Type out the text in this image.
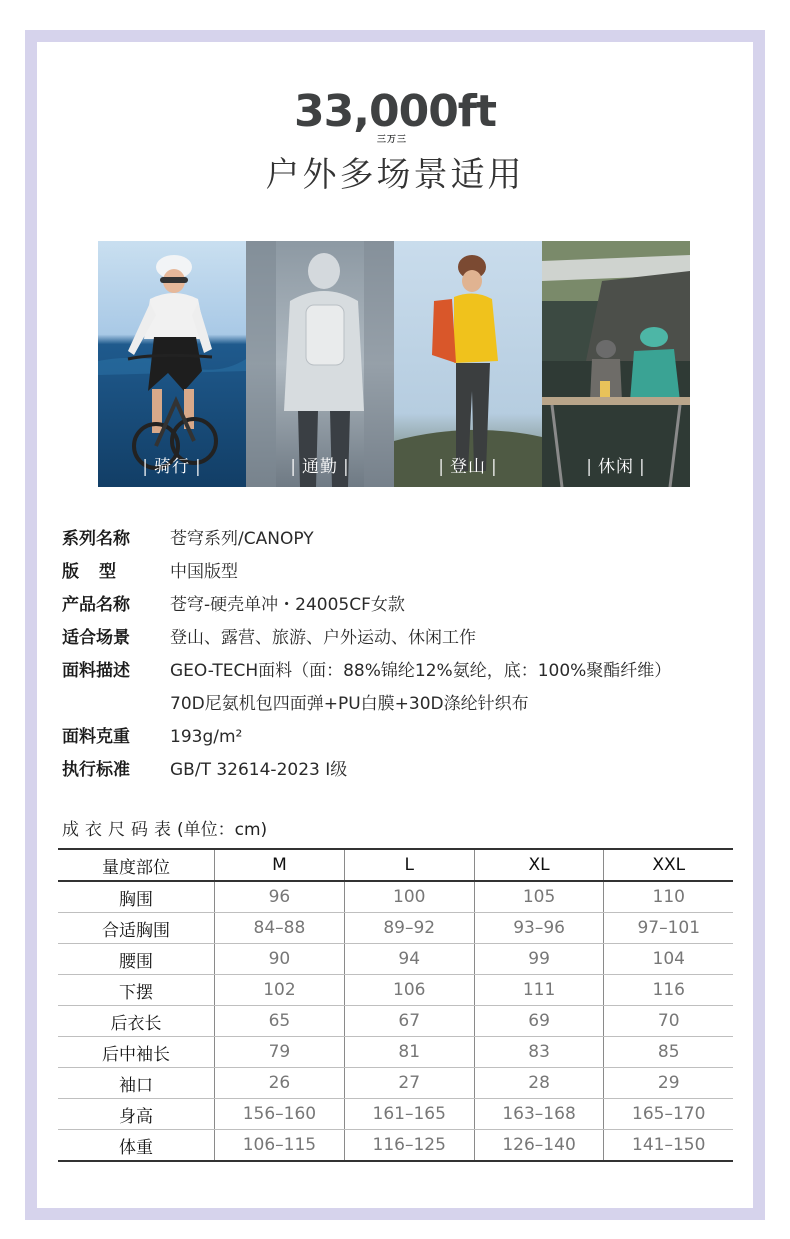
33,000ft
三万三
户外多场景适用
| 骑行 |	| 通勤 |	| 登山 |	| 休闲 |
系列名称	苍穹系列/CANOPY
版型	中国版型
产品名称	苍穹-硬壳单冲・24005CF女款
适合场景	登山、露营、旅游、户外运动、休闲工作
面料描述	GEO-TECH面料（面：88%锦纶12%氨纶，底：100%聚酯纤维）
70D尼氨机包四面弹+PU白膜+30D涤纶针织布
面料克重	193g/m²
执行标准	GB/T 32614-2023 I级
成衣尺码表(单位：cm)
量度部位	M	L	XL	XXL
胸围	96	100	105	110
合适胸围	84–88	89–92	93–96	97–101
腰围	90	94	99	104
下摆	102	106	111	116
后衣长	65	67	69	70
后中袖长	79	81	83	85
袖口	26	27	28	29
身高	156–160	161–165	163–168	165–170
体重	106–115	116–125	126–140	141–150
